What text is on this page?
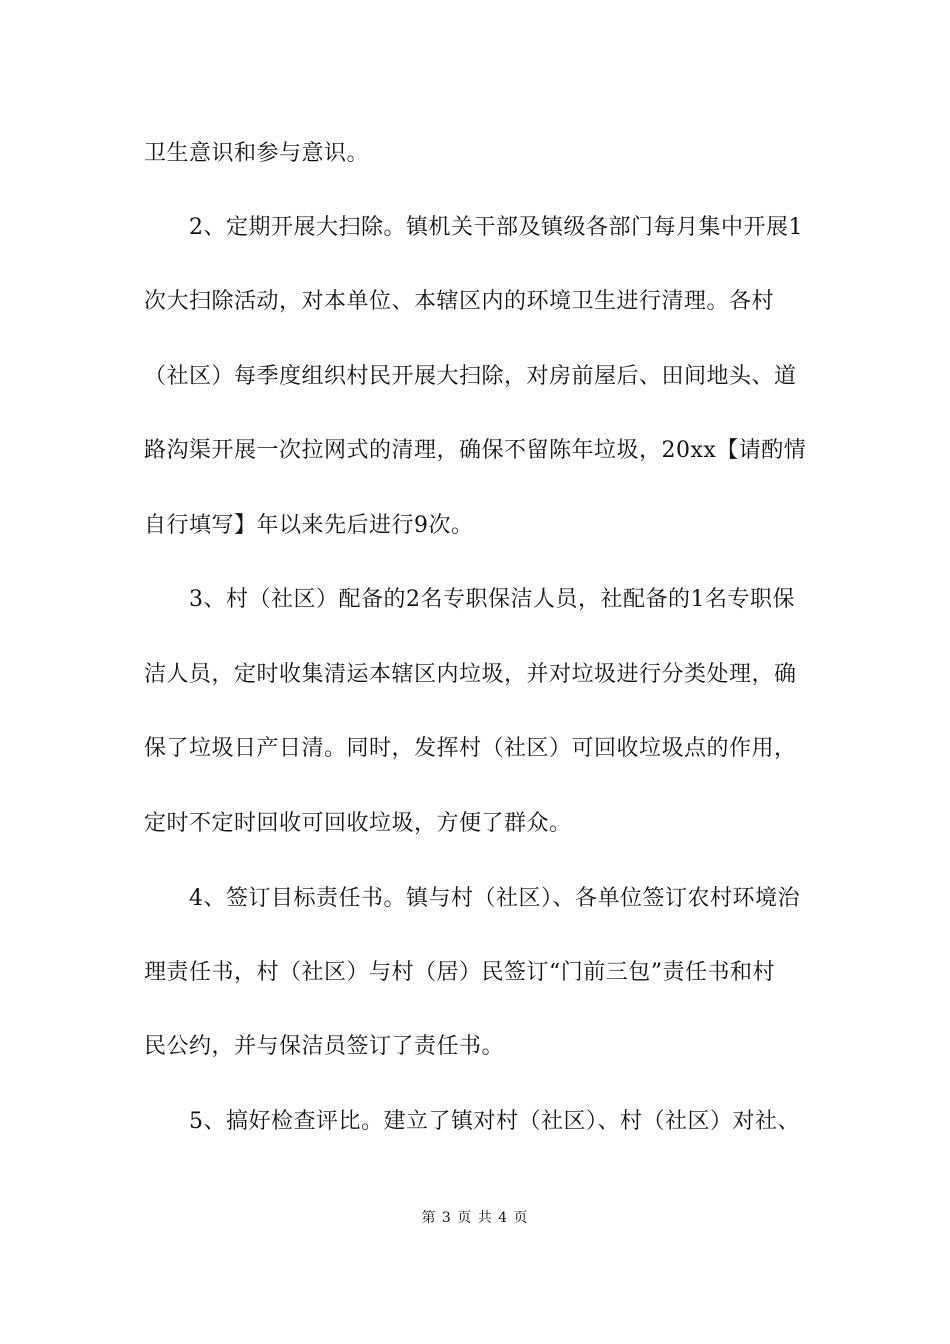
卫生意识和参与意识。
　　2、定期开展大扫除。镇机关干部及镇级各部门每月集中开展1
次大扫除活动，对本单位、本辖区内的环境卫生进行清理。各村
（社区）每季度组织村民开展大扫除，对房前屋后、田间地头、道
路沟渠开展一次拉网式的清理，确保不留陈年垃圾，20xx【请酌情
自行填写】年以来先后进行9次。
　　3、村（社区）配备的2名专职保洁人员，社配备的1名专职保
洁人员，定时收集清运本辖区内垃圾，并对垃圾进行分类处理，确
保了垃圾日产日清。同时，发挥村（社区）可回收垃圾点的作用，
定时不定时回收可回收垃圾，方便了群众。
　　4、签订目标责任书。镇与村（社区）、各单位签订农村环境治
理责任书，村（社区）与村（居）民签订“门前三包”责任书和村
民公约，并与保洁员签订了责任书。
　　5、搞好检查评比。建立了镇对村（社区）、村（社区）对社、
第 3 页 共 4 页
